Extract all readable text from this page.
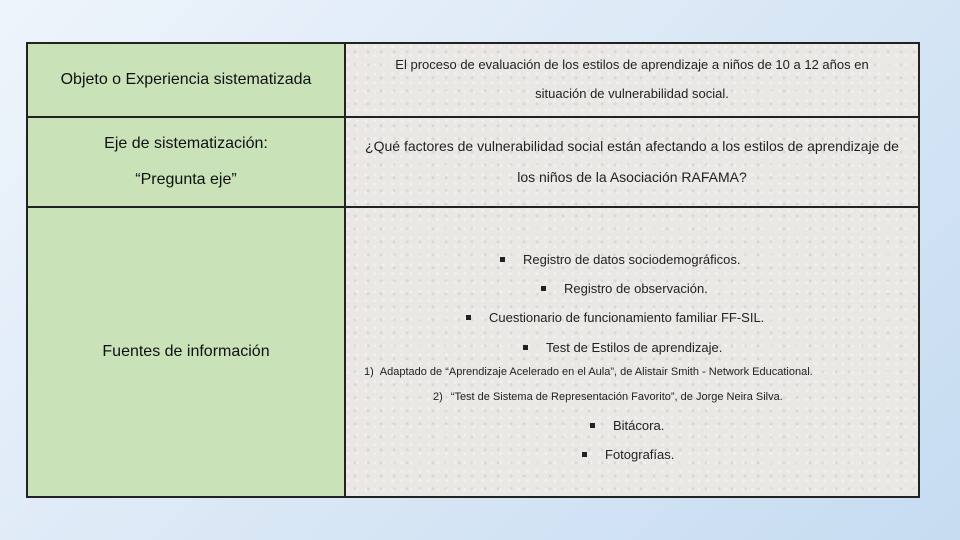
Objeto o Experiencia sistematizada

El proceso de evaluación de los estilos de aprendizaje a niños de 10 a 12 años en

situación de vulnerabilidad social.

Eje de sistematización:
“Pregunta eje”

¿Qué factores de vulnerabilidad social están afectando a los estilos de aprendizaje de

los niños de la Asociación RAFAMA?

Fuentes de información
Registro de datos sociodemográficos.
Registro de observación.
Cuestionario de funcionamiento familiar FF-SIL.
Test de Estilos de aprendizaje.
1) Adaptado de “Aprendizaje Acelerado en el Aula”, de Alistair Smith - Network Educational.
2) “Test de Sistema de Representación Favorito”, de Jorge Neira Silva.
Bitácora.
Fotografías.
